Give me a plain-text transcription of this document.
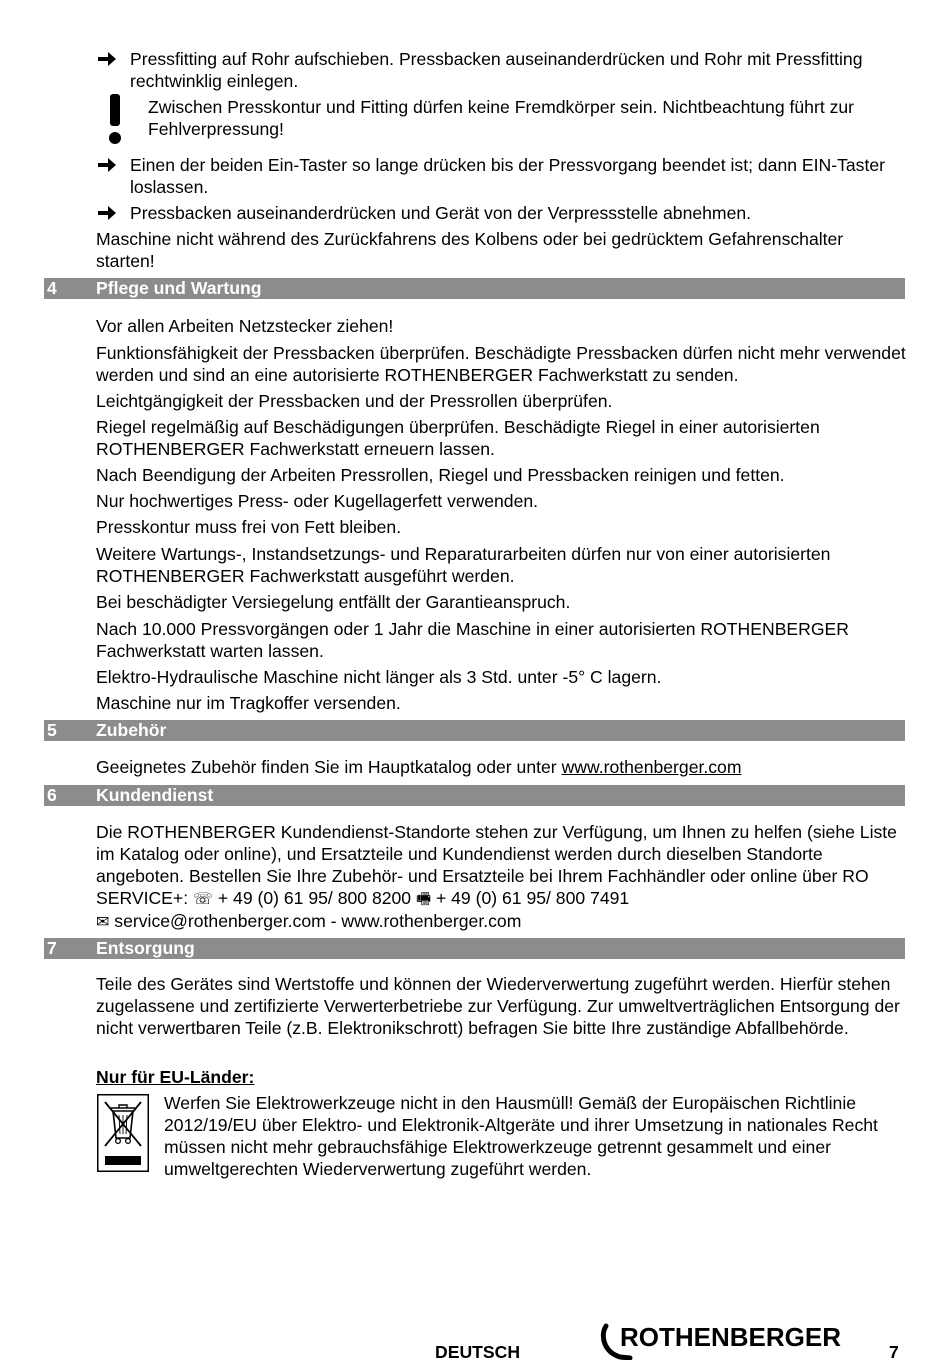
Pressfitting auf Rohr aufschieben. Pressbacken auseinanderdrücken und Rohr mit Pressfitting rechtwinklig einlegen.
Zwischen Presskontur und Fitting dürfen keine Fremdkörper sein. Nichtbeachtung führt zur Fehlverpressung!
Einen der beiden Ein-Taster so lange drücken bis der Pressvorgang beendet ist; dann EIN-Taster loslassen.
Pressbacken auseinanderdrücken und Gerät von der Verpressstelle abnehmen.

Maschine nicht während des Zurückfahrens des Kolbens oder bei gedrücktem Gefahrenschalter starten!

4 Pflege und Wartung

Vor allen Arbeiten Netzstecker ziehen!

Funktionsfähigkeit der Pressbacken überprüfen. Beschädigte Pressbacken dürfen nicht mehr verwendet werden und sind an eine autorisierte ROTHENBERGER Fachwerkstatt zu senden.

Leichtgängigkeit der Pressbacken und der Pressrollen überprüfen.

Riegel regelmäßig auf Beschädigungen überprüfen. Beschädigte Riegel in einer autorisierten ROTHENBERGER Fachwerkstatt erneuern lassen.

Nach Beendigung der Arbeiten Pressrollen, Riegel und Pressbacken reinigen und fetten.

Nur hochwertiges Press- oder Kugellagerfett verwenden.

Presskontur muss frei von Fett bleiben.

Weitere Wartungs-, Instandsetzungs- und Reparaturarbeiten dürfen nur von einer autorisierten ROTHENBERGER Fachwerkstatt ausgeführt werden.

Bei beschädigter Versiegelung entfällt der Garantieanspruch.

Nach 10.000 Pressvorgängen oder 1 Jahr die Maschine in einer autorisierten ROTHENBERGER Fachwerkstatt warten lassen.

Elektro-Hydraulische Maschine nicht länger als 3 Std. unter -5° C lagern.

Maschine nur im Tragkoffer versenden.

5 Zubehör

Geeignetes Zubehör finden Sie im Hauptkatalog oder unter www.rothenberger.com

6 Kundendienst

Die ROTHENBERGER Kundendienst-Standorte stehen zur Verfügung, um Ihnen zu helfen (siehe Liste im Katalog oder online), und Ersatzteile und Kundendienst werden durch dieselben Standorte angeboten. Bestellen Sie Ihre Zubehör- und Ersatzteile bei Ihrem Fachhändler oder online über RO SERVICE+: ☏ + 49 (0) 61 95/ 800 8200 🖷 + 49 (0) 61 95/ 800 7491
✉ service@rothenberger.com - www.rothenberger.com

7 Entsorgung

Teile des Gerätes sind Wertstoffe und können der Wiederverwertung zugeführt werden. Hierfür stehen zugelassene und zertifizierte Verwerterbetriebe zur Verfügung. Zur umweltverträglichen Entsorgung der nicht verwertbaren Teile (z.B. Elektronikschrott) befragen Sie bitte Ihre zuständige Abfallbehörde.

Nur für EU-Länder:

Werfen Sie Elektrowerkzeuge nicht in den Hausmüll! Gemäß der Europäischen Richtlinie 2012/19/EU über Elektro- und Elektronik-Altgeräte und ihrer Umsetzung in nationales Recht müssen nicht mehr gebrauchsfähige Elektrowerkzeuge getrennt gesammelt und einer umweltgerechten Wiederverwertung zugeführt werden.

DEUTSCH	ROTHENBERGER	7
